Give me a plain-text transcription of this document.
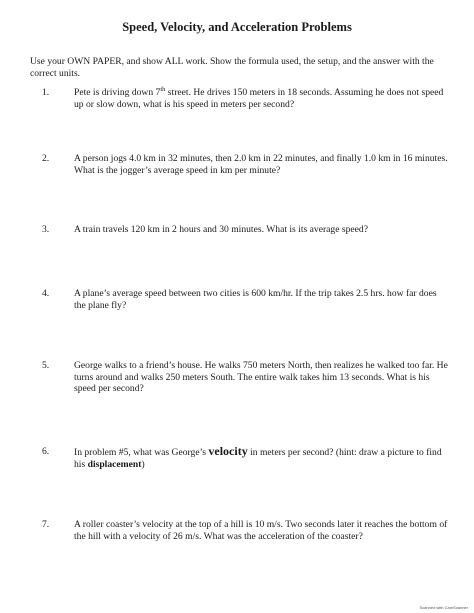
Speed, Velocity, and Acceleration Problems
Use your OWN PAPER, and show ALL work. Show the formula used, the setup, and the answer with the correct units.
1.	Pete is driving down 7th street. He drives 150 meters in 18 seconds. Assuming he does not speed up or slow down, what is his speed in meters per second?
2.	A person jogs 4.0 km in 32 minutes, then 2.0 km in 22 minutes, and finally 1.0 km in 16 minutes. What is the jogger’s average speed in km per minute?
3.	A train travels 120 km in 2 hours and 30 minutes. What is its average speed?
4.	A plane’s average speed between two cities is 600 km/hr. If the trip takes 2.5 hrs. how far does the plane fly?
5.	George walks to a friend’s house. He walks 750 meters North, then realizes he walked too far. He turns around and walks 250 meters South. The entire walk takes him 13 seconds. What is his speed per second?
6.	In problem #5, what was George’s velocity in meters per second? (hint: draw a picture to find his displacement)
7.	A roller coaster’s velocity at the top of a hill is 10 m/s. Two seconds later it reaches the bottom of the hill with a velocity of 26 m/s. What was the acceleration of the coaster?
Scanned with CamScanner
